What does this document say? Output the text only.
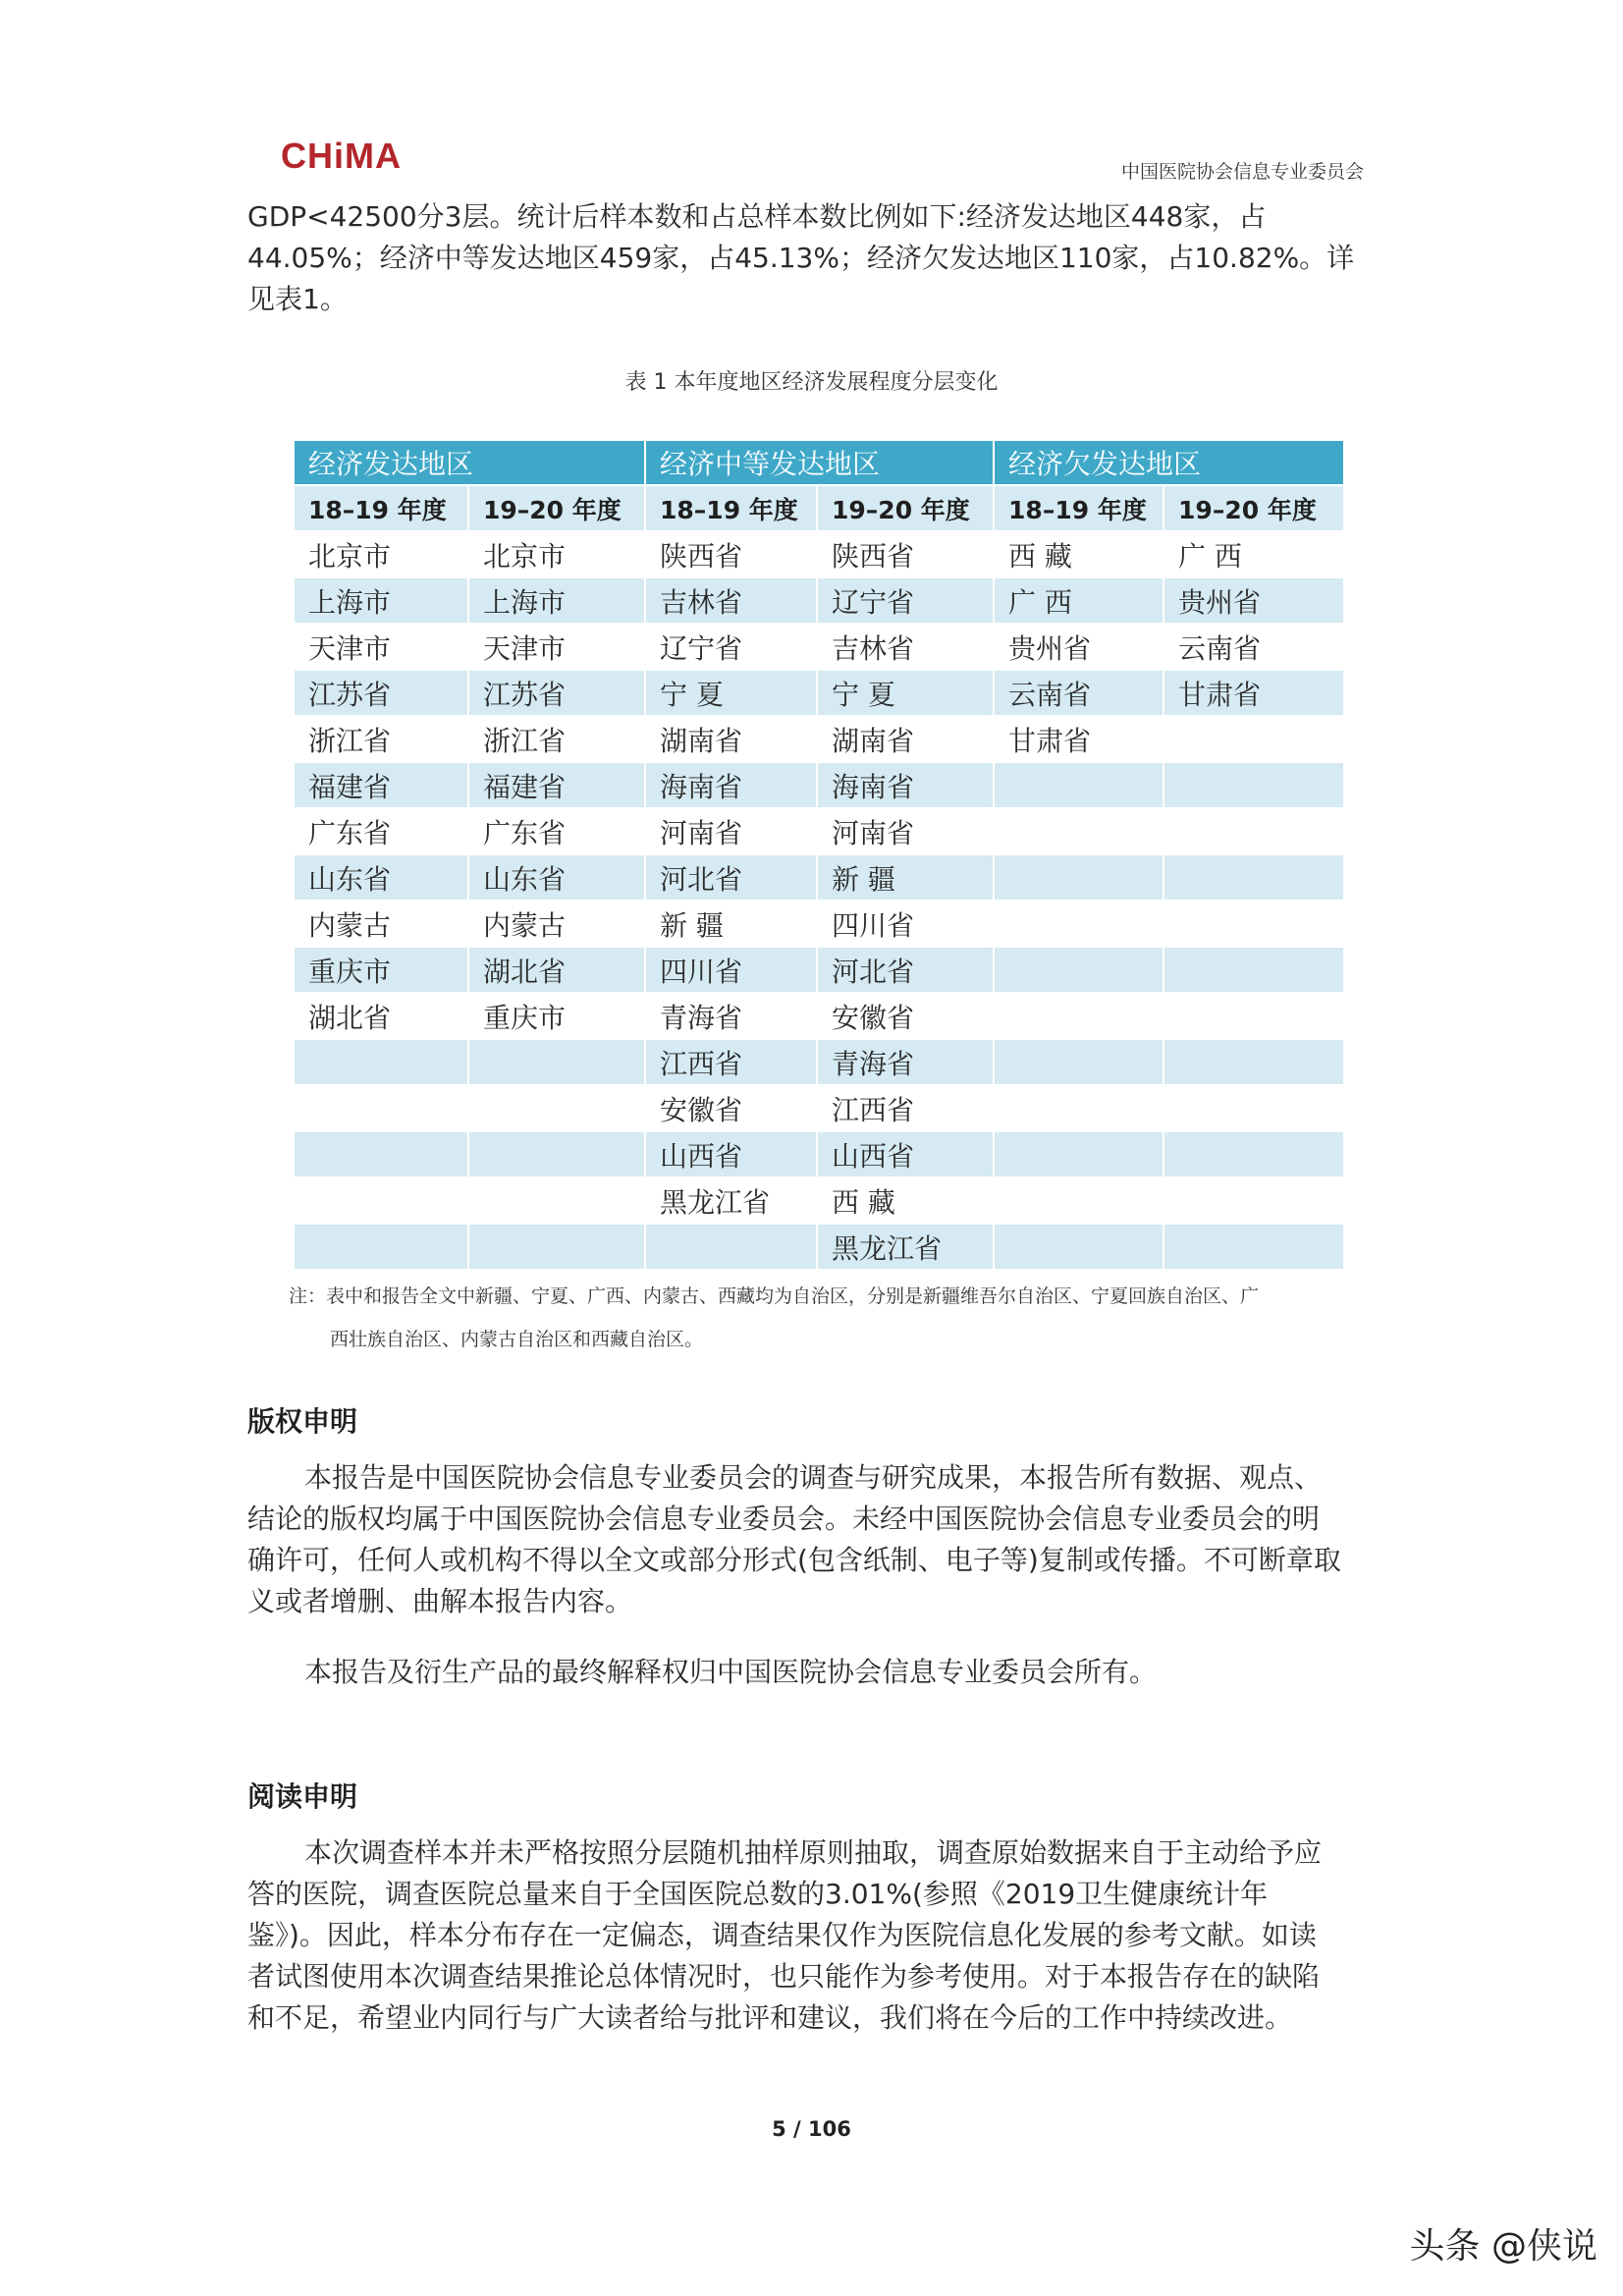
CHiMA	中国医院协会信息专业委员会

GDP<42500分3层。统计后样本数和占总样本数比例如下:经济发达地区448家，占
44.05%；经济中等发达地区459家，占45.13%；经济欠发达地区110家，占10.82%。详
见表1。

表 1 本年度地区经济发展程度分层变化
经济发达地区		经济中等发达地区		经济欠发达地区	
18–19 年度	19–20 年度	18–19 年度	19–20 年度	18–19 年度	19–20 年度
北京市	北京市	陕西省	陕西省	西 藏	广 西
上海市	上海市	吉林省	辽宁省	广 西	贵州省
天津市	天津市	辽宁省	吉林省	贵州省	云南省
江苏省	江苏省	宁 夏	宁 夏	云南省	甘肃省
浙江省	浙江省	湖南省	湖南省	甘肃省	
福建省	福建省	海南省	海南省		
广东省	广东省	河南省	河南省		
山东省	山东省	河北省	新 疆		
内蒙古	内蒙古	新 疆	四川省		
重庆市	湖北省	四川省	河北省		
湖北省	重庆市	青海省	安徽省		
		江西省	青海省		
		安徽省	江西省		
		山西省	山西省		
		黑龙江省	西 藏		
			黑龙江省		
注：表中和报告全文中新疆、宁夏、广西、内蒙古、西藏均为自治区，分别是新疆维吾尔自治区、宁夏回族自治区、广
西壮族自治区、内蒙古自治区和西藏自治区。
版权申明

本报告是中国医院协会信息专业委员会的调查与研究成果，本报告所有数据、观点、
结论的版权均属于中国医院协会信息专业委员会。未经中国医院协会信息专业委员会的明
确许可，任何人或机构不得以全文或部分形式(包含纸制、电子等)复制或传播。不可断章取
义或者增删、曲解本报告内容。

本报告及衍生产品的最终解释权归中国医院协会信息专业委员会所有。

阅读申明

本次调查样本并未严格按照分层随机抽样原则抽取，调查原始数据来自于主动给予应
答的医院，调查医院总量来自于全国医院总数的3.01%(参照《2019卫生健康统计年
鉴》)。因此，样本分布存在一定偏态，调查结果仅作为医院信息化发展的参考文献。如读
者试图使用本次调查结果推论总体情况时，也只能作为参考使用。对于本报告存在的缺陷
和不足，希望业内同行与广大读者给与批评和建议，我们将在今后的工作中持续改进。

5 / 106
头条 @侠说
